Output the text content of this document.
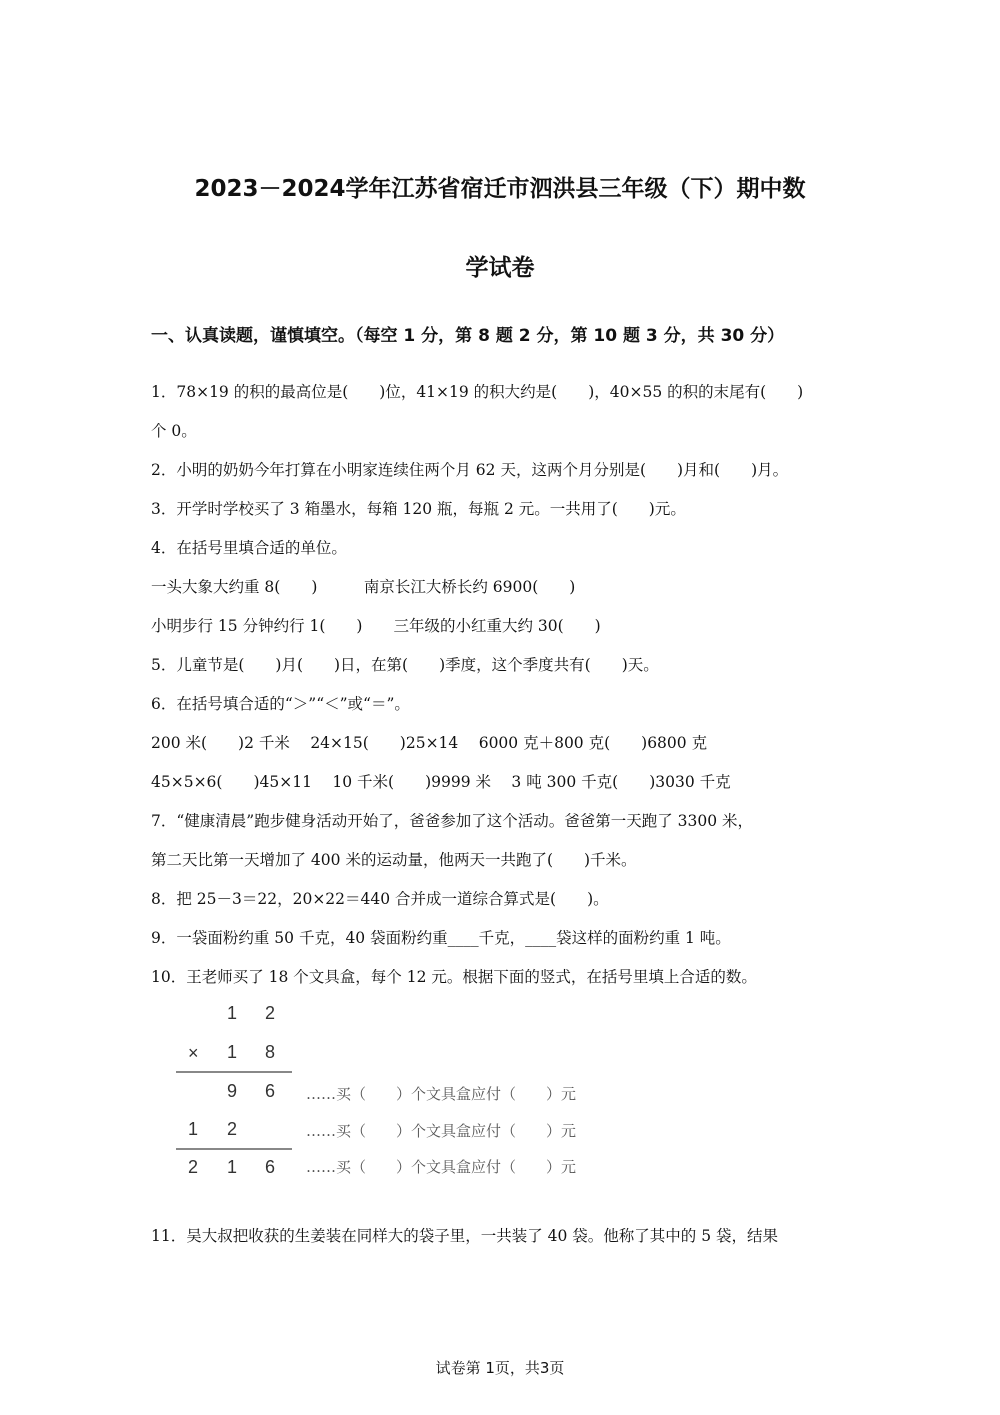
2023－2024学年江苏省宿迁市泗洪县三年级（下）期中数
学试卷
一、认真读题，谨慎填空。（每空 1 分，第 8 题 2 分，第 10 题 3 分，共 30 分）
1．78×19 的积的最高位是(　　)位，41×19 的积大约是(　　)，40×55 的积的末尾有(　　)
个 0。
2．小明的奶奶今年打算在小明家连续住两个月 62 天，这两个月分别是(　　)月和(　　)月。
3．开学时学校买了 3 箱墨水，每箱 120 瓶，每瓶 2 元。一共用了(　　)元。
4．在括号里填合适的单位。
一头大象大约重 8(　　)　　　南京长江大桥长约 6900(　　)
小明步行 15 分钟约行 1(　　)　　三年级的小红重大约 30(　　)
5．儿童节是(　　)月(　　)日，在第(　　)季度，这个季度共有(　　)天。
6．在括号填合适的“＞”“＜”或“＝”。
200 米(　　)2 千米　 24×15(　　)25×14　 6000 克＋800 克(　　)6800 克
45×5×6(　　)45×11　 10 千米(　　)9999 米　 3 吨 300 千克(　　)3030 千克
7．“健康清晨”跑步健身活动开始了，爸爸参加了这个活动。爸爸第一天跑了 3300 米，
第二天比第一天增加了 400 米的运动量，他两天一共跑了(　　)千米。
8．把 25－3＝22，20×22＝440 合并成一道综合算式是(　　)。
9．一袋面粉约重 50 千克，40 袋面粉约重____千克，____袋这样的面粉约重 1 吨。
10．王老师买了 18 个文具盒，每个 12 元。根据下面的竖式，在括号里填上合适的数。
1 2
× 1 8
9 6 ……买（　　）个文具盒应付（　　）元
1 2	……买（　　）个文具盒应付（　　）元
2 1 6 ……买（　　）个文具盒应付（　　）元
11．吴大叔把收获的生姜装在同样大的袋子里，一共装了 40 袋。他称了其中的 5 袋，结果
试卷第 1页，共3页
